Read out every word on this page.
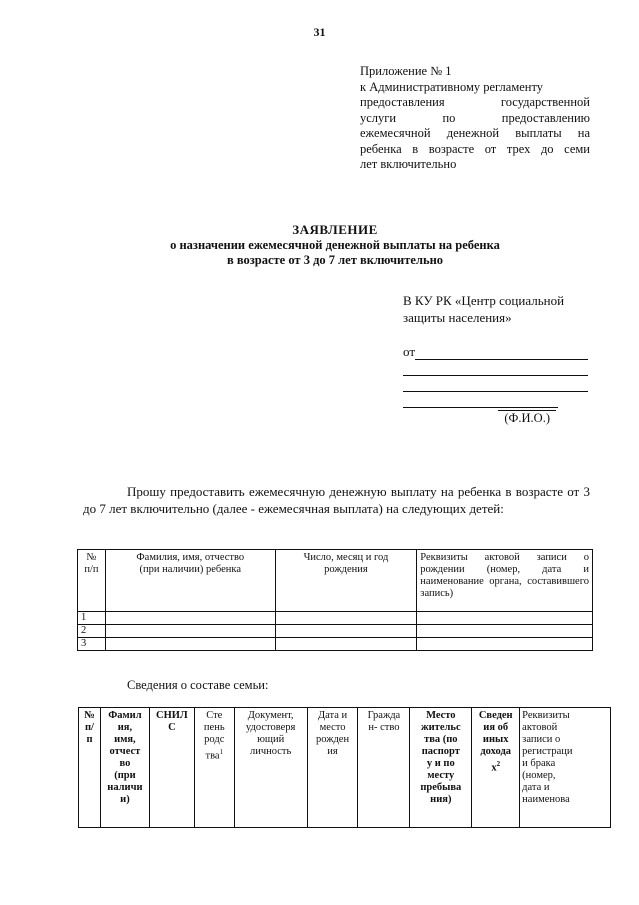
31
Приложение № 1
к Административному регламенту
предоставления государственной
услуги по предоставлению
ежемесячной денежной выплаты на
ребенка в возрасте от трех до семи
лет включительно
ЗАЯВЛЕНИЕ
о назначении ежемесячной денежной выплаты на ребенка
в возрасте от 3 до 7 лет включительно
В КУ РК «Центр социальной
защиты населения»
от
(Ф.И.О.)

Прошу предоставить ежемесячную денежную выплату на ребенка в возрасте от 3 до 7 лет включительно (далее - ежемесячная выплата) на следующих детей:

№
п/п	Фамилия, имя, отчество
(при наличии) ребенка	Число, месяц и год
рождения	Реквизиты актовой записи о рождении (номер, дата и наименование органа, составившего запись)
1			
2			
3			
Сведения о составе семьи:
№
п/
п	Фамил
ия,
имя,
отчест
во
(при
наличи
и)	СНИЛ
С	Сте
пень
родс
тва$^1$	Документ,
удостоверя
ющий
личность	Дата и
место
рожден
ия	Гражда
н- ство	Место
жительс
тва (по
паспорт
у и по
месту
пребыва
ния)	Сведен
ия об
иных
дохода
$х^2$	Реквизиты
актовой
записи о
регистраци
и брака
(номер,
дата и
наименова
